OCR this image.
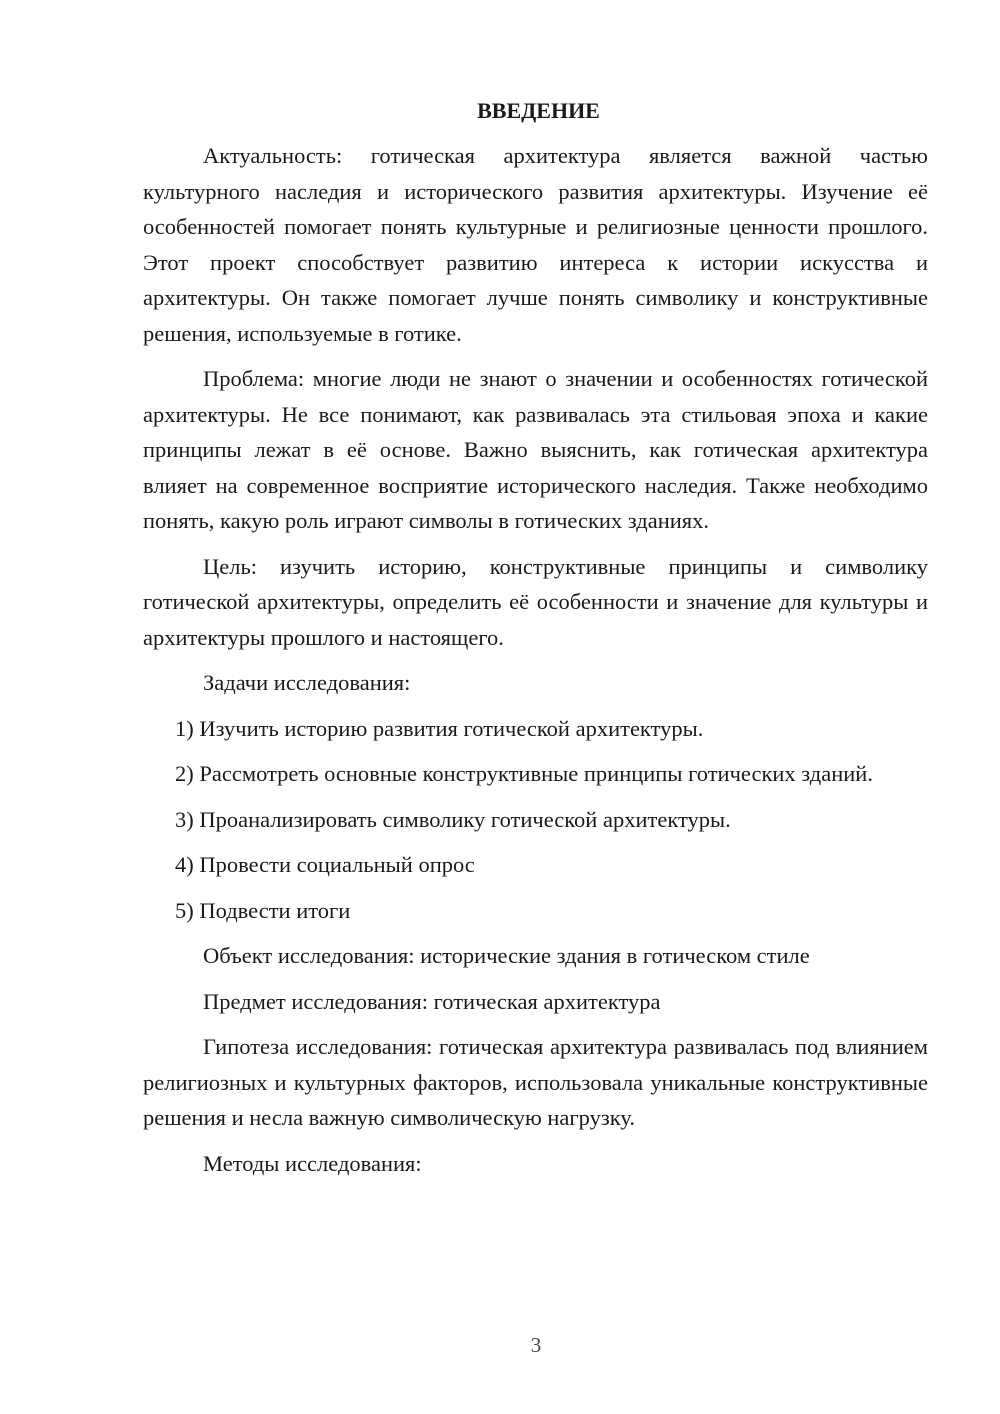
ВВЕДЕНИЕ

Актуальность: готическая архитектура является важной частью культурного наследия и исторического развития архитектуры. Изучение её особенностей помогает понять культурные и религиозные ценности прошлого. Этот проект способствует развитию интереса к истории искусства и архитектуры. Он также помогает лучше понять символику и конструктивные решения, используемые в готике.

Проблема: многие люди не знают о значении и особенностях готической архитектуры. Не все понимают, как развивалась эта стильовая эпоха и какие принципы лежат в её основе. Важно выяснить, как готическая архитектура влияет на современное восприятие исторического наследия. Также необходимо понять, какую роль играют символы в готических зданиях.

Цель: изучить историю, конструктивные принципы и символику готической архитектуры, определить её особенности и значение для культуры и архитектуры прошлого и настоящего.

Задачи исследования:

1) Изучить историю развития готической архитектуры.

2) Рассмотреть основные конструктивные принципы готических зданий.

3) Проанализировать символику готической архитектуры.

4) Провести социальный опрос

5) Подвести итоги

Объект исследования: исторические здания в готическом стиле

Предмет исследования: готическая архитектура

Гипотеза исследования: готическая архитектура развивалась под влиянием религиозных и культурных факторов, использовала уникальные конструктивные решения и несла важную символическую нагрузку.

Методы исследования:

3
